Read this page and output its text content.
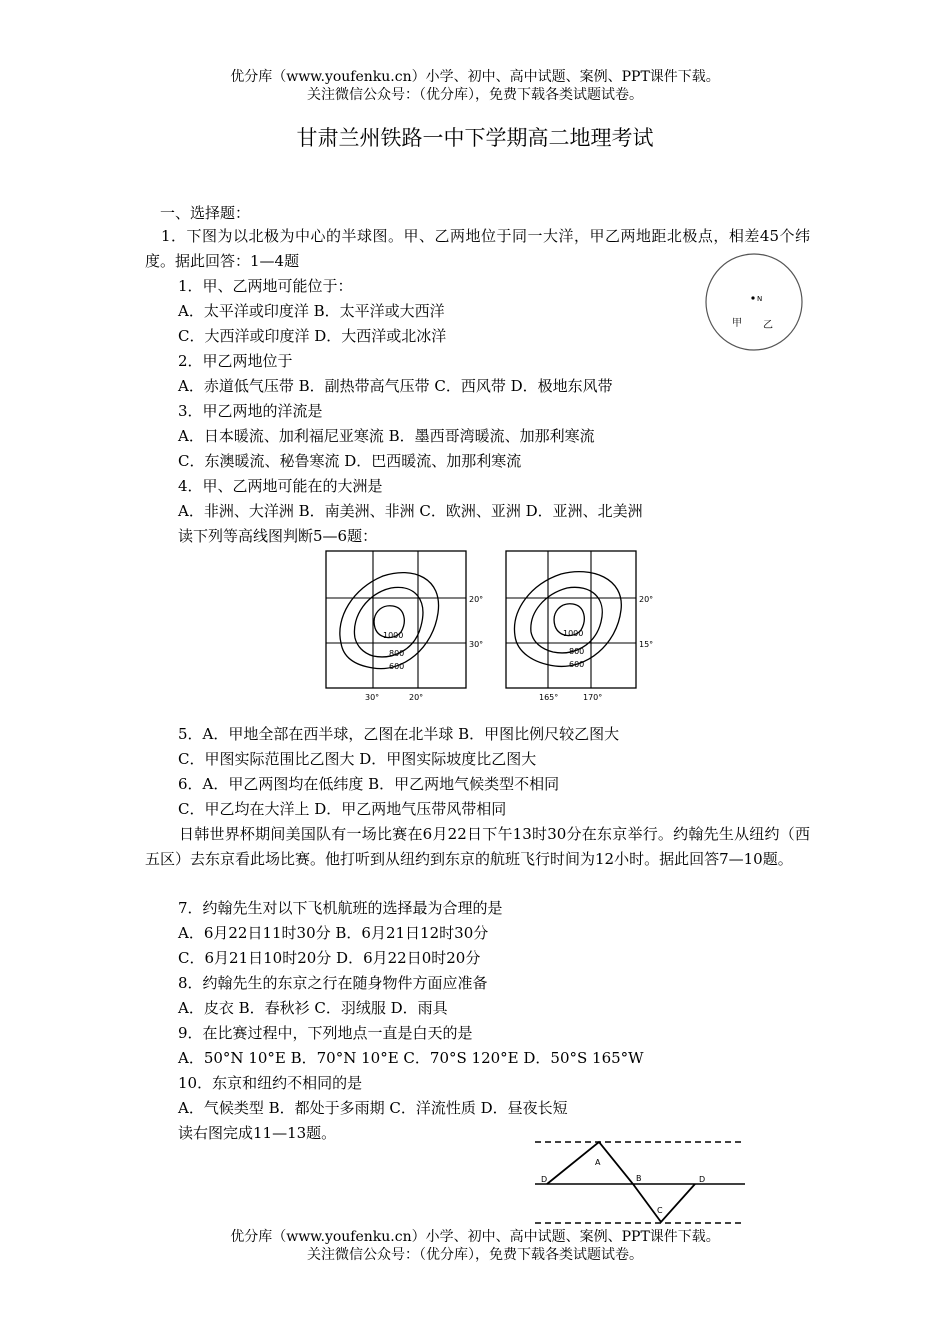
优分库（www.youfenku.cn）小学、初中、高中试题、案例、PPT课件下载。
关注微信公众号：（优分库），免费下载各类试题试卷。
甘肃兰州铁路一中下学期高二地理考试
一、选择题：
1．下图为以北极为中心的半球图。甲、乙两地位于同一大洋，甲乙两地距北极点，相差45个纬度。据此回答：1—4题
1．甲、乙两地可能位于：
A．太平洋或印度洋 B．太平洋或大西洋
C．大西洋或印度洋 D．大西洋或北冰洋
2．甲乙两地位于
A．赤道低气压带 B．副热带高气压带 C．西风带 D．极地东风带
3．甲乙两地的洋流是
A．日本暖流、加利福尼亚寒流 B．墨西哥湾暖流、加那利寒流
C．东澳暖流、秘鲁寒流 D．巴西暖流、加那利寒流
4．甲、乙两地可能在的大洲是
A．非洲、大洋洲 B．南美洲、非洲 C．欧洲、亚洲 D．亚洲、北美洲
读下列等高线图判断5—6题：
N
甲 乙
1000
800
600
20°
30°
30°	20°
1000
800
600
20°
15°
165°	170°
5．A．甲地全部在西半球，乙图在北半球 B．甲图比例尺较乙图大
C．甲图实际范围比乙图大 D．甲图实际坡度比乙图大
6．A．甲乙两图均在低纬度 B．甲乙两地气候类型不相同
C．甲乙均在大洋上 D．甲乙两地气压带风带相同
日韩世界杯期间美国队有一场比赛在6月22日下午13时30分在东京举行。约翰先生从纽约（西五区）去东京看此场比赛。他打听到从纽约到东京的航班飞行时间为12小时。据此回答7—10题。
7．约翰先生对以下飞机航班的选择最为合理的是
A．6月22日11时30分 B．6月21日12时30分
C．6月21日10时20分 D．6月22日0时20分
8．约翰先生的东京之行在随身物件方面应准备
A．皮衣 B．春秋衫 C．羽绒服 D．雨具
9．在比赛过程中，下列地点一直是白天的是
A．50°N 10°E B．70°N 10°E C．70°S 120°E D．50°S 165°W
10．东京和纽约不相同的是
A．气候类型 B．都处于多雨期 C．洋流性质 D．昼夜长短
读右图完成11—13题。
A
B
C
D	D
优分库（www.youfenku.cn）小学、初中、高中试题、案例、PPT课件下载。
关注微信公众号：（优分库），免费下载各类试题试卷。
